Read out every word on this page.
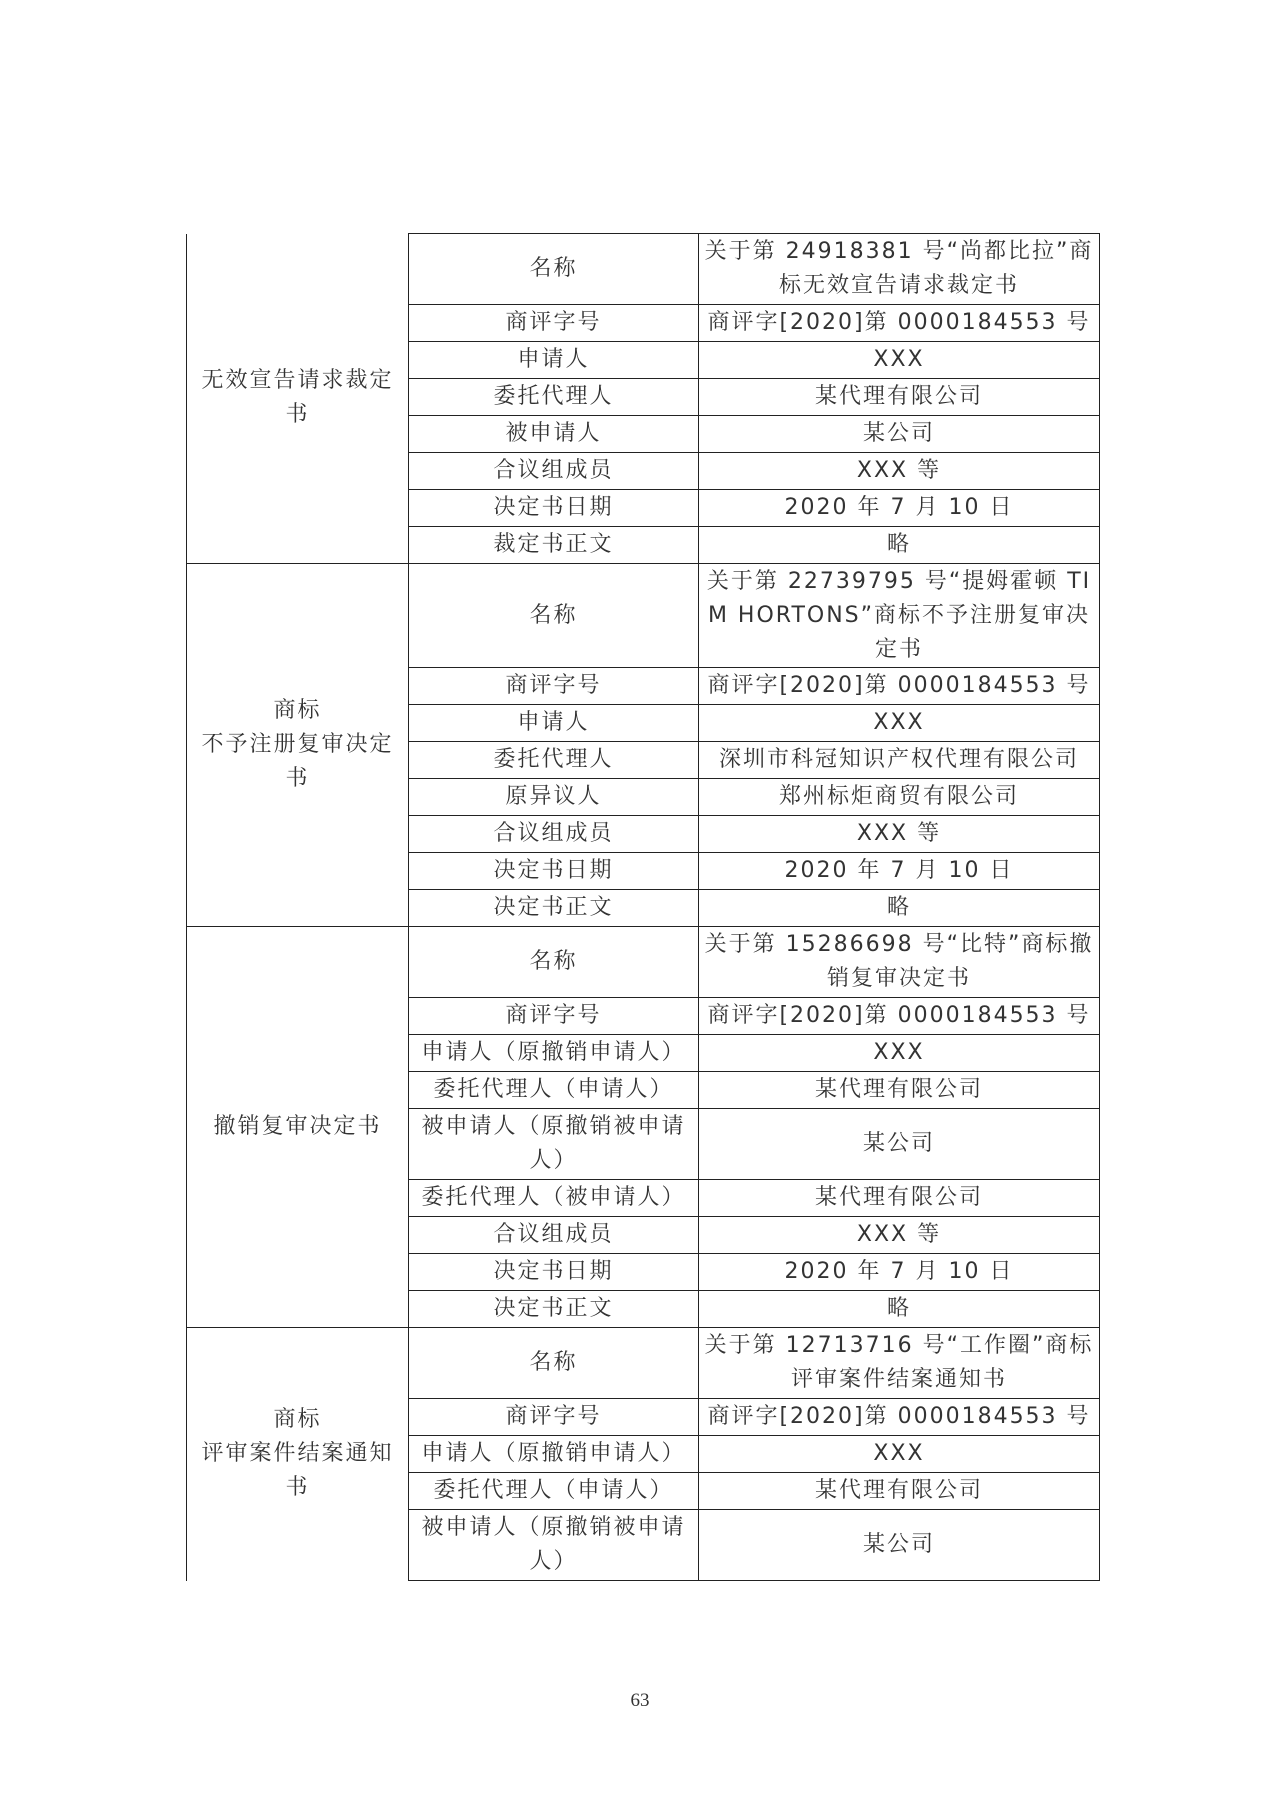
无效宣告请求裁定
书	名称	关于第 24918381 号“尚都比拉”商标无效宣告请求裁定书
	商评字号	商评字[2020]第 0000184553 号
	申请人	XXX
	委托代理人	某代理有限公司
	被申请人	某公司
	合议组成员	XXX 等
	决定书日期	2020 年 7 月 10 日
	裁定书正文	略

商标
不予注册复审决定
书	名称	关于第 22739795 号“提姆霍顿 TIM HORTONS”商标不予注册复审决定书
	商评字号	商评字[2020]第 0000184553 号
	申请人	XXX
	委托代理人	深圳市科冠知识产权代理有限公司
	原异议人	郑州标炬商贸有限公司
	合议组成员	XXX 等
	决定书日期	2020 年 7 月 10 日
	决定书正文	略

撤销复审决定书	名称	关于第 15286698 号“比特”商标撤销复审决定书
	商评字号	商评字[2020]第 0000184553 号
	申请人（原撤销申请人）	XXX
	委托代理人（申请人）	某代理有限公司
	被申请人（原撤销被申请人）	某公司
	委托代理人（被申请人）	某代理有限公司
	合议组成员	XXX 等
	决定书日期	2020 年 7 月 10 日
	决定书正文	略

商标
评审案件结案通知
书	名称	关于第 12713716 号“工作圈”商标评审案件结案通知书
	商评字号	商评字[2020]第 0000184553 号
	申请人（原撤销申请人）	XXX
	委托代理人（申请人）	某代理有限公司
	被申请人（原撤销被申请人）	某公司
63
